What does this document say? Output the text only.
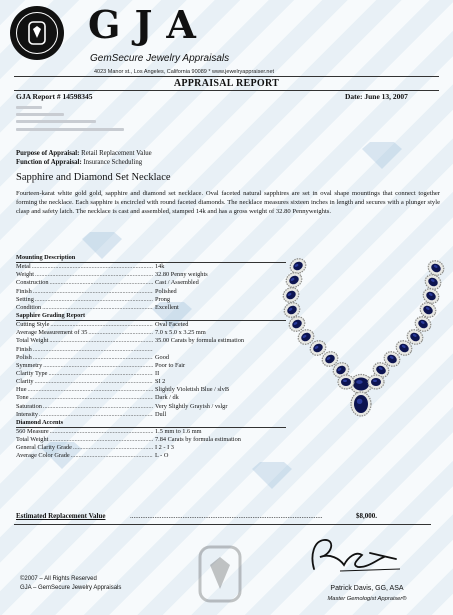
GJA
GemSecure Jewelry Appraisals
4023 Manor st., Los Angeles, California 90089 * www.jewelryappraiser.net
APPRAISAL REPORT
GJA Report # 14598345	Date: June 13, 2007
Purpose of Appraisal: Retail Replacement Value
Function of Appraisal: Insurance Scheduling
Sapphire and Diamond Set Necklace
Fourteen-karat white gold gold, sapphire and diamond set necklace. Oval faceted natural sapphires are set in oval shape mountings that connect together forming the necklace. Each sapphire is encircled with round faceted diamonds. The necklace measures sixteen inches in length and secures with a plunger style clasp and safety latch. The necklace is cast and assembled, stamped 14k and has a gross weight of 32.80 Pennyweights.
Mounting Description
Metal .....	14k
Weight .....	32.80 Penny weights
Construction .....	Cast / Assembled
Finish .....	Polished
Setting .....	Prong
Condition .....	Excellent
Sapphire Grading Report
Cutting Style .....	Oval Faceted
Average Measurement of 35 .....	7.0 x 5.0 x 3.25 mm
Total Weight .....	35.00 Carats by formula estimation
Finish .....
Polish .....	Good
Symmetry .....	Poor to Fair
Clarity Type .....	II
Clarity .....	SI 2
Hue .....	Slightly Violetish Blue / slvB
Tone .....	Dark / dk
Saturation .....	Very Slightly Grayish / vslgr
Intensity .....	Dull
Diamond Accents
560 Measure .....	1.5 mm to 1.6 mm
Total Weight .....	7.84 Carats by formula estimation
General Clarity Grade .....	I 2 - I 3
Average Color Grade .....	L - O
Estimated Replacement Value	..............................................................................................................	$8,000.
©2007 – All Rights Reserved
GJA – GemSecure Jewelry Appraisals	Patrick Davis, GG, ASA
Master Gemologist Appraiser®
